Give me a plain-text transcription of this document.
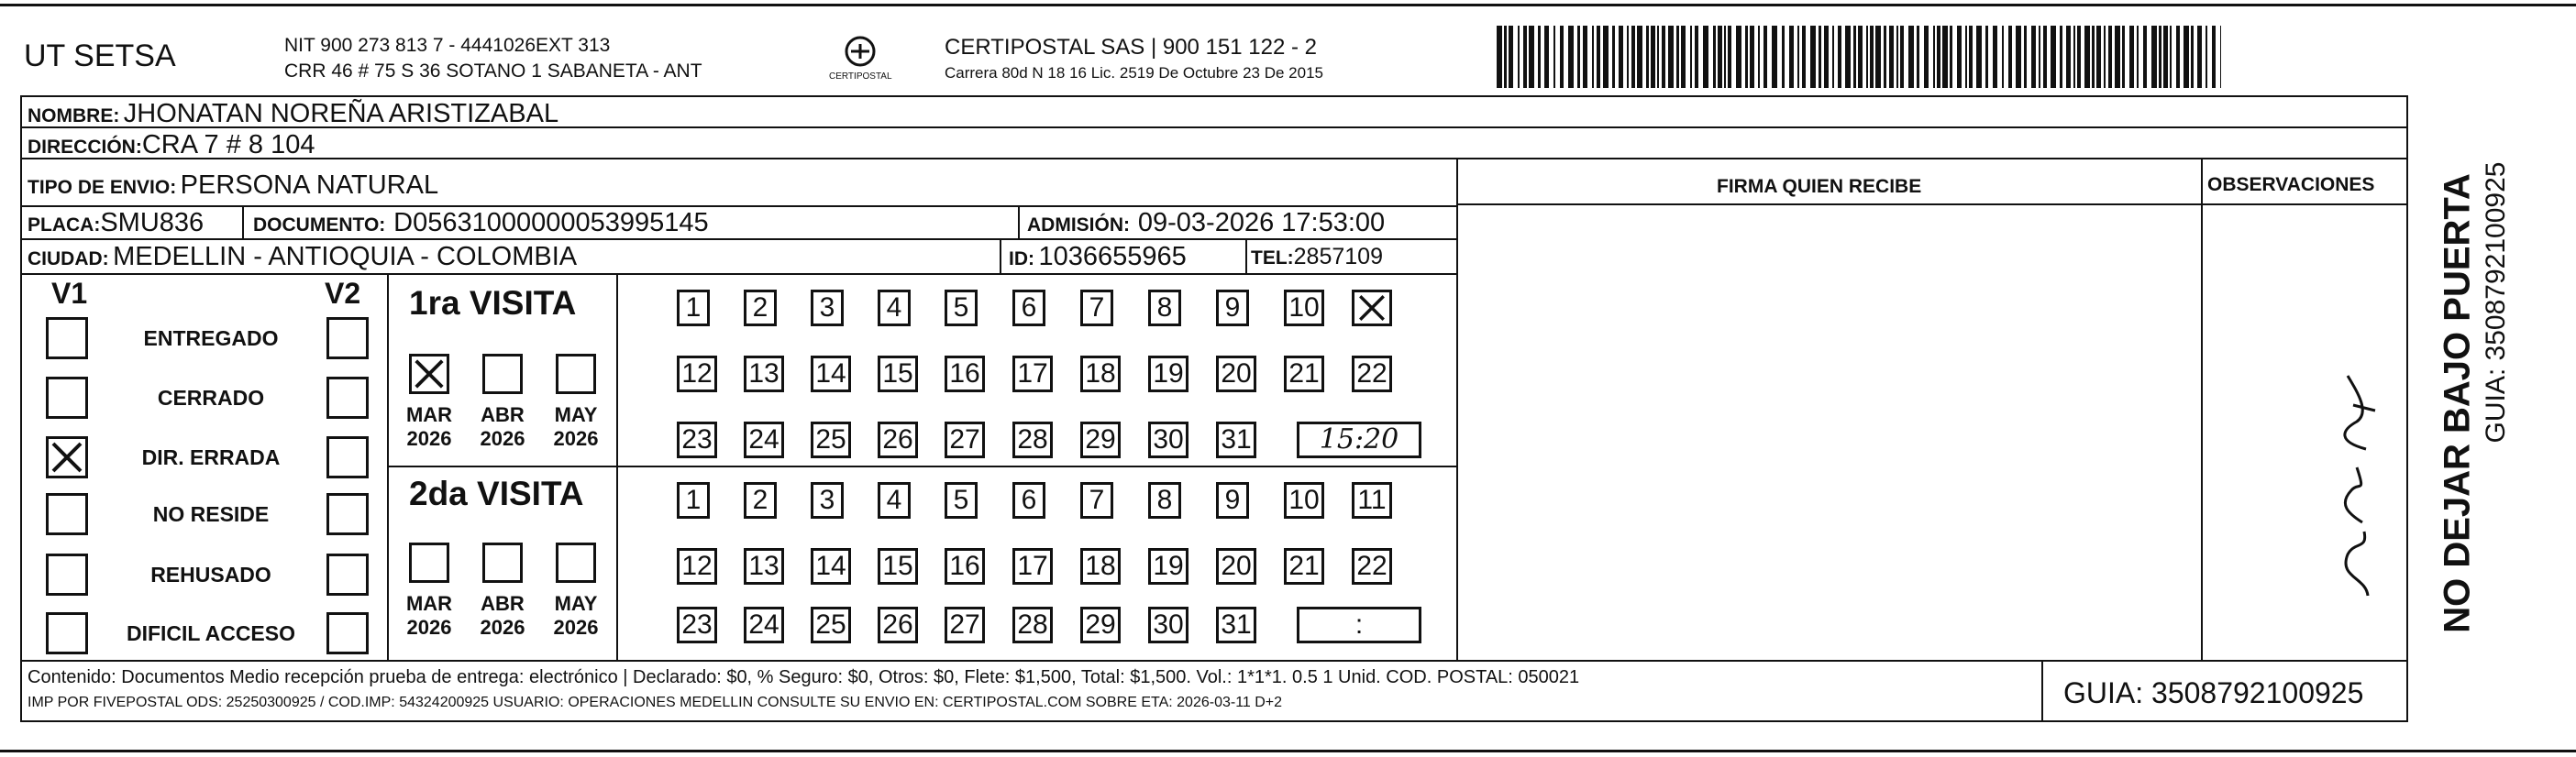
UT SETSA	NIT 900 273 813 7 - 4441026EXT 313
CRR 46 # 75 S 36 SOTANO 1 SABANETA - ANT	CERTIPOSTAL
CERTIPOSTAL SAS | 900 151 122 - 2
Carrera 80d N 18 16 Lic. 2519 De Octubre 23 De 2015
NOMBRE: JHONATAN NOREÑA ARISTIZABAL
DIRECCIÓN:CRA 7 # 8 104
TIPO DE ENVIO: PERSONA NATURAL
PLACA:SMU836	DOCUMENTO: D05631000000053995145	ADMISIÓN: 09-03-2026 17:53:00
CIUDAD: MEDELLIN - ANTIOQUIA - COLOMBIA	ID: 1036655965	TEL:2857109
FIRMA QUIEN RECIBE	OBSERVACIONES
V1	V2
ENTREGADO
CERRADO
DIR. ERRADA
NO RESIDE
REHUSADO
DIFICIL ACCESO
1ra VISITA
2da VISITA
MAR
2026
ABR
2026
MAY
2026
MAR
2026
ABR
2026
MAY
2026
1	2	3	4	5	6	7	8	9	10
12 13 14 15 16 17 18 19 20 21 22
23 24 25 26 27 28 29 30 31	15:20
1	2	3	4	5	6	7	8	9	10 11
12 13 14 15 16 17 18 19 20 21 22
23 24 25 26 27 28 29 30 31	:
Contenido: Documentos Medio recepción prueba de entrega: electrónico | Declarado: $0, % Seguro: $0, Otros: $0, Flete: $1,500, Total: $1,500. Vol.: 1*1*1. 0.5 1 Unid. COD. POSTAL: 050021
IMP POR FIVEPOSTAL ODS: 25250300925 / COD.IMP: 54324200925 USUARIO: OPERACIONES MEDELLIN CONSULTE SU ENVIO EN: CERTIPOSTAL.COM SOBRE ETA: 2026-03-11 D+2	GUIA: 3508792100925
NO DEJAR BAJO PUERTA GUIA: 3508792100925
